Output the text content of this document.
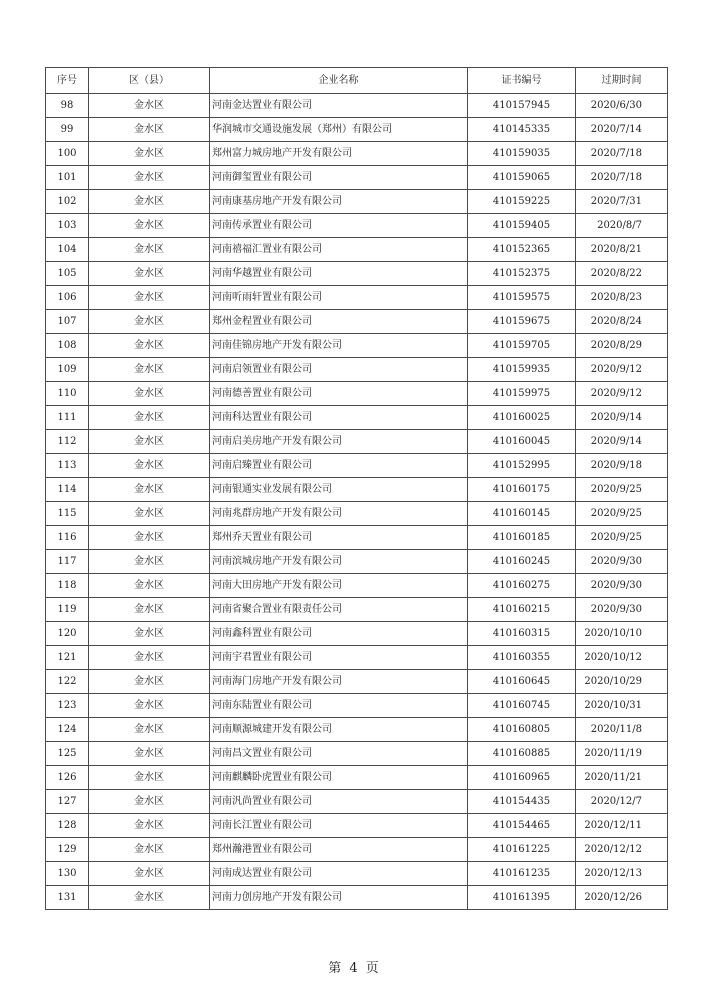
序号	区（县）	企业名称	证书编号	过期时间
98	金水区	河南金达置业有限公司	410157945	2020/6/30
99	金水区	华润城市交通设施发展（郑州）有限公司	410145335	2020/7/14
100	金水区	郑州富力城房地产开发有限公司	410159035	2020/7/18
101	金水区	河南御玺置业有限公司	410159065	2020/7/18
102	金水区	河南康基房地产开发有限公司	410159225	2020/7/31
103	金水区	河南传承置业有限公司	410159405	2020/8/7
104	金水区	河南禧福汇置业有限公司	410152365	2020/8/21
105	金水区	河南华越置业有限公司	410152375	2020/8/22
106	金水区	河南听雨轩置业有限公司	410159575	2020/8/23
107	金水区	郑州金程置业有限公司	410159675	2020/8/24
108	金水区	河南佳锦房地产开发有限公司	410159705	2020/8/29
109	金水区	河南启领置业有限公司	410159935	2020/9/12
110	金水区	河南德善置业有限公司	410159975	2020/9/12
111	金水区	河南科达置业有限公司	410160025	2020/9/14
112	金水区	河南启美房地产开发有限公司	410160045	2020/9/14
113	金水区	河南启臻置业有限公司	410152995	2020/9/18
114	金水区	河南银通实业发展有限公司	410160175	2020/9/25
115	金水区	河南兆群房地产开发有限公司	410160145	2020/9/25
116	金水区	郑州乔天置业有限公司	410160185	2020/9/25
117	金水区	河南滨城房地产开发有限公司	410160245	2020/9/30
118	金水区	河南大田房地产开发有限公司	410160275	2020/9/30
119	金水区	河南省聚合置业有限责任公司	410160215	2020/9/30
120	金水区	河南鑫科置业有限公司	410160315	2020/10/10
121	金水区	河南宇君置业有限公司	410160355	2020/10/12
122	金水区	河南海门房地产开发有限公司	410160645	2020/10/29
123	金水区	河南东陆置业有限公司	410160745	2020/10/31
124	金水区	河南顺源城建开发有限公司	410160805	2020/11/8
125	金水区	河南昌文置业有限公司	410160885	2020/11/19
126	金水区	河南麒麟卧虎置业有限公司	410160965	2020/11/21
127	金水区	河南汎尚置业有限公司	410154435	2020/12/7
128	金水区	河南长江置业有限公司	410154465	2020/12/11
129	金水区	郑州瀚港置业有限公司	410161225	2020/12/12
130	金水区	河南成达置业有限公司	410161235	2020/12/13
131	金水区	河南力创房地产开发有限公司	410161395	2020/12/26
第 4 页
